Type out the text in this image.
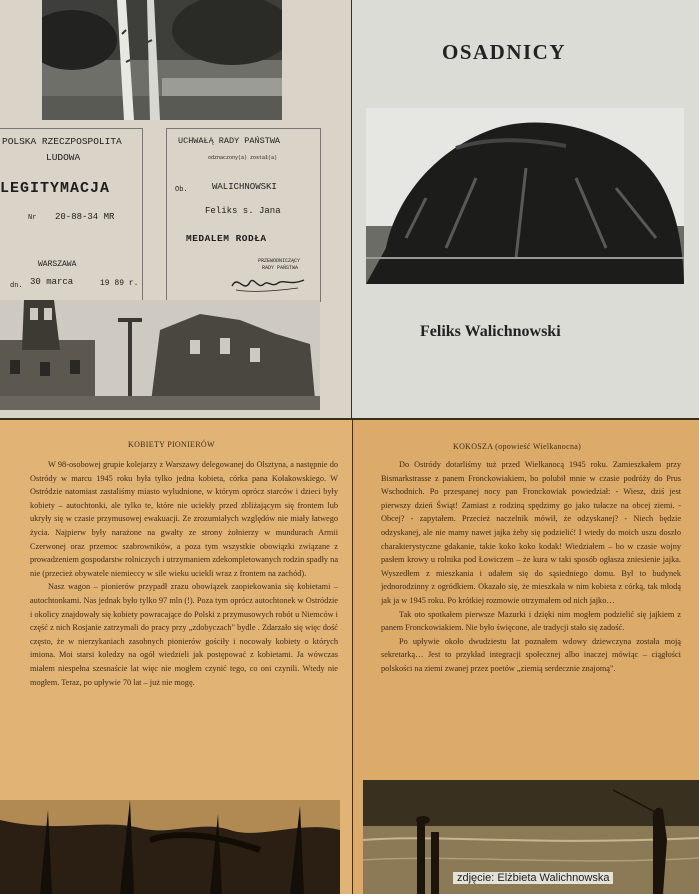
POLSKA RZECZPOSPOLITA
LUDOWA
LEGITYMACJA
Nr 20-88-34 MR
WARSZAWA
dn. 30 marca	19 89 r.
UCHWAŁĄ RADY PAŃSTWA
odznaczony(a) został(a)
Ob.	WALICHNOWSKI
Feliks s. Jana
MEDALEM RODŁA
PRZEWODNICZĄCY
RADY PAŃSTWA
OSADNICY
Feliks Walichnowski
KOBIETY PIONIERÓW

W 98-osobowej grupie kolejarzy z Warszawy delegowanej do Olsztyna, a następnie do Ostródy w marcu 1945 roku była tylko jedna kobieta, córka pana Kołakowskiego. W Ostródzie natomiast zastaliśmy miasto wyludnione, w którym oprócz starców i dzieci były kobiety – autochtonki, ale tylko te, które nie uciekły przed zbliżającym się frontem lub ukryły się w czasie przymusowej ewakuacji. Ze zrozumiałych względów nie miały łatwego życia. Najpierw były narażone na gwałty ze strony żołnierzy w mundurach Armii Czerwonej oraz przemoc szabrowników, a poza tym wszystkie obowiązki związane z prowadzeniem gospodarstw rolniczych i utrzymaniem zdekompletowanych rodzin spadły na nie (przecież obywatele niemieccy w sile wieku uciekli wraz z frontem na zachód).

Nasz wagon – pionierów przypadł zrazu obowiązek zaopiekowania się kobietami – autochtonkami. Nas jednak było tylko 97 mln (!). Poza tym oprócz autochtonek w Ostródzie i okolicy znajdowały się kobiety powracające do Polski z przymusowych robót u Niemców i część z nich Rosjanie zatrzymali do pracy przy „zdobyczach" bydle . Zdarzało się więc dość często, że w nierzykaniach zasobnych pionierów gościły i nocowały kobiety o których imiona. Moi starsi koledzy na ogół wiedzieli jak postępować z kobietami. Ja wówczas miałem niespełna szesnaście lat więc nie mogłem czynić tego, co oni czynili. Wtedy nie mogłem. Teraz, po upływie 70 lat – już nie mogę.

KOKOSZA (opowieść Wielkanocna)

Do Ostródy dotarliśmy tuż przed Wielkanocą 1945 roku. Zamieszkałem przy Bismarkstrasse z panem Fronckowiakiem, bo polubił mnie w czasie podróży do Prus Wschodnich. Po przespanej nocy pan Fronckowiak powiedział: - Wiesz, dziś jest pierwszy dzień Świąt! Zamiast z rodziną spędzimy go jako tułacze na obcej ziemi. - Obcej? - zapytałem. Przecież naczelnik mówił, że odzyskanej? - Niech będzie odzyskanej, ale nie mamy nawet jajka żeby się podzielić! I wtedy do moich uszu doszło charakterystyczne gdakanie, takie koko koko kodak! Wiedziałem – bo w czasie wojny pasłem krowy u rolnika pod Łowiczem – że kura w taki sposób ogłasza zniesienie jajka. Wyszedłem z mieszkania i udałem się do sąsiedniego domu. Był to budynek jednorodzinny z ogródkiem. Okazało się, że mieszkała w nim kobieta z córką, tak młodą jak ja w 1945 roku. Po krótkiej rozmowie otrzymałem od nich jajko…

Tak oto spotkałem pierwsze Mazurki i dzięki nim mogłem podzielić się jajkiem z panem Fronckowiakiem. Nie było święcone, ale tradycji stało się zadość.

Po upływie około dwudziestu lat poznałem wdowy dziewczyna została moją sekretarką… Jest to przykład integracji społecznej albo inaczej mówiąc – ciągłości polskości na ziemi zwanej przez poetów „ziemią serdecznie znajomą".

zdjęcie: Elżbieta Walichnowska
